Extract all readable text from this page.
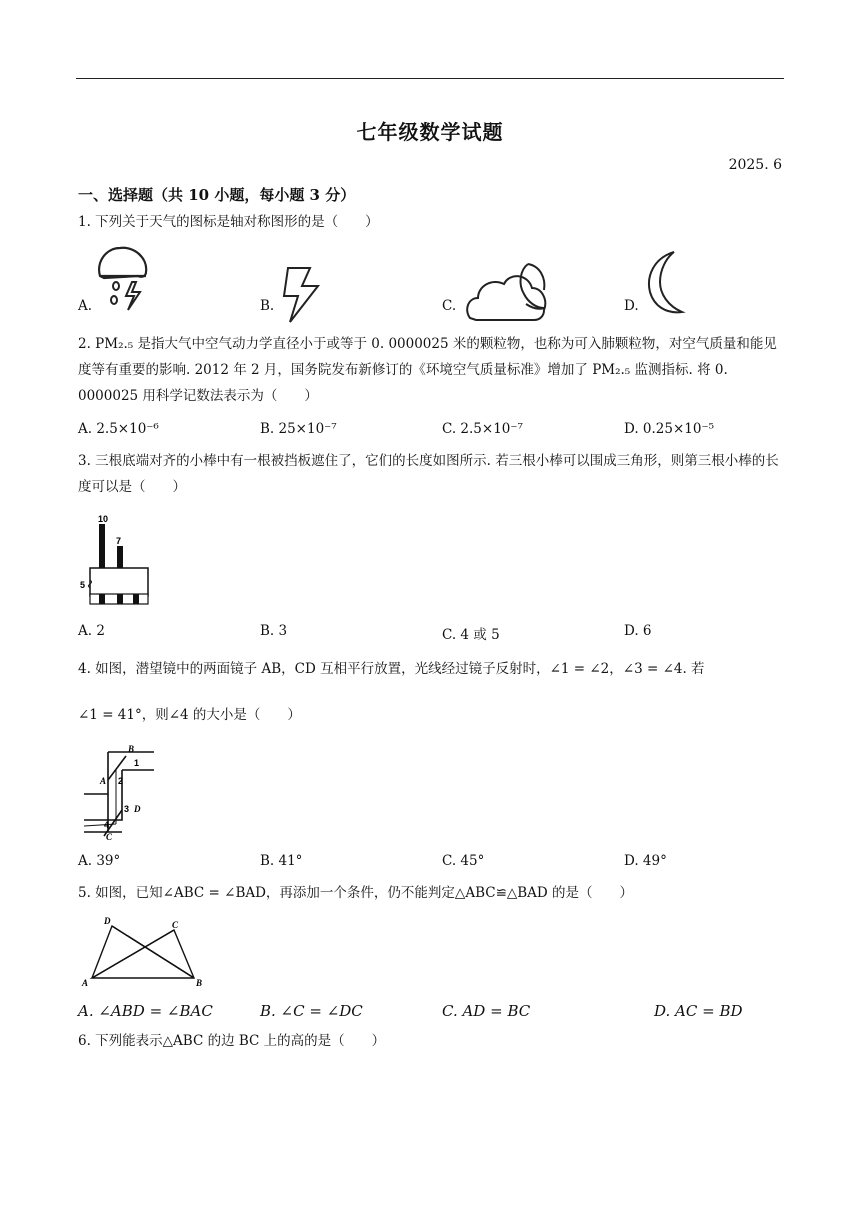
七年级数学试题
2025. 6
一、选择题（共 10 小题，每小题 3 分）
1. 下列关于天气的图标是轴对称图形的是（　　）
A.	B.	C.	D.
2. PM₂.₅ 是指大气中空气动力学直径小于或等于 0. 0000025 米的颗粒物，也称为可入肺颗粒物，对空气质量和能见度等有重要的影响. 2012 年 2 月，国务院发布新修订的《环境空气质量标准》增加了 PM₂.₅ 监测指标. 将 0. 0000025 用科学记数法表示为（　　）
A. 2.5×10⁻⁶	B. 25×10⁻⁷	C. 2.5×10⁻⁷	D. 0.25×10⁻⁵
3. 三根底端对齐的小棒中有一根被挡板遮住了，它们的长度如图所示. 若三根小棒可以围成三角形，则第三根小棒的长度可以是（　　）
10
7
5
A. 2	B. 3	C. 4 或 5	D. 6
4. 如图，潜望镜中的两面镜子 AB，CD 互相平行放置，光线经过镜子反射时，∠1 = ∠2，∠3 = ∠4. 若
∠1 = 41°，则∠4 的大小是（　　）
B
1
A 2
3 D
4
C
A. 39°	B. 41°	C. 45°	D. 49°
5. 如图，已知∠ABC = ∠BAD，再添加一个条件，仍不能判定△ABC≌△BAD 的是（　　）
D	C
A	B
A. ∠ABD = ∠BAC	B. ∠C = ∠DC	C. AD = BC	D. AC = BD
6. 下列能表示△ABC 的边 BC 上的高的是（　　）
